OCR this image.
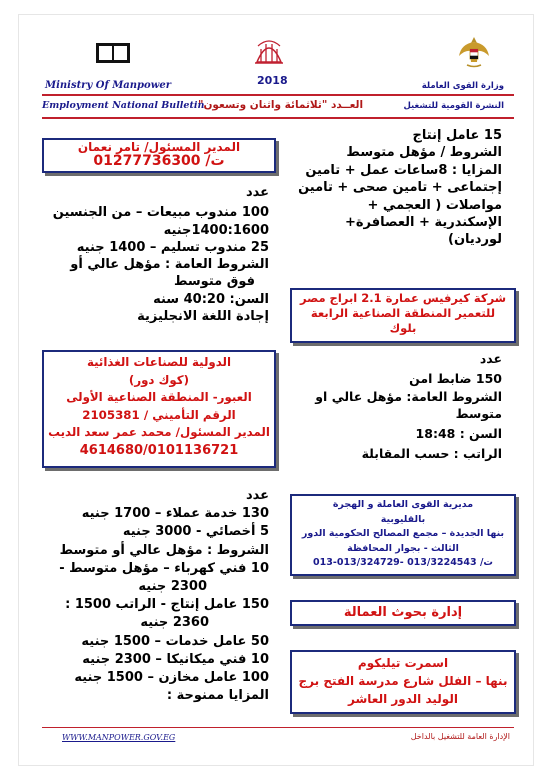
Ministry Of Manpower	2018	وزارة القوى العاملة
Employment National Bulletin
العــدد "ثلاثمائة واثنان وتسعون"	النشرة القومية للتشغيل
15 عامل إنتاج
الشروط / مؤهل متوسط
المزايا : 8ساعات عمل + تامين
إجتماعى + تامين صحى + تامين
مواصلات ( العجمي +
الإسكندرية + العصافرة+
لورديان)
شركة كيرفيس عمارة 2.1 ابراج مصر
للتعمير المنطقة الصناعية الرابعة
بلوك
عدد
150 ضابط امن
الشروط العامة: مؤهل عالي او
متوسط
السن : 18:48
الراتب : حسب المقابلة
مديرية القوى العاملة و الهجرة
بالقليوبية
بنها الجديدة – مجمع المصالح الحكومية الدور
الثالث - بجوار المحافظة
ت/ 013/3224543 -013/324729-013
إدارة بحوث العمالة
اسمرت تيليكوم
بنها – الفلل شارع مدرسة الفتح برج
الوليد الدور العاشر
المدير المسئول/ تامر نعمان
ت/ 01277736300
عدد
100 مندوب مبيعات – من الجنسين
1400:1600جنيه
25 مندوب تسليم – 1400 جنيه
الشروط العامة : مؤهل عالي أو
فوق متوسط
السن: 40:20 سنه
إجادة اللغة الانجليزية
الدولية للصناعات الغذائية
(كوك دور)
العبور- المنطقة الصناعية الأولى
الرقم التأميني / 2105381
المدير المسئول/ محمد عمر سعد الديب
4614680/0101136721
عدد
130 خدمة عملاء – 1700 جنيه
5 أخصائي - 3000 جنيه
الشروط : مؤهل عالي أو متوسط
10 فني كهرباء – مؤهل متوسط -
2300 جنيه
150 عامل إنتاج - الراتب 1500 :
2360 جنيه
50 عامل خدمات – 1500 جنيه
10 فني ميكانيكا – 2300 جنيه
100 عامل مخازن – 1500 جنيه
المزايا ممنوحة :
WWW.MANPOWER.GOV.EG	الإدارة العامة للتشغيل بالداخل
